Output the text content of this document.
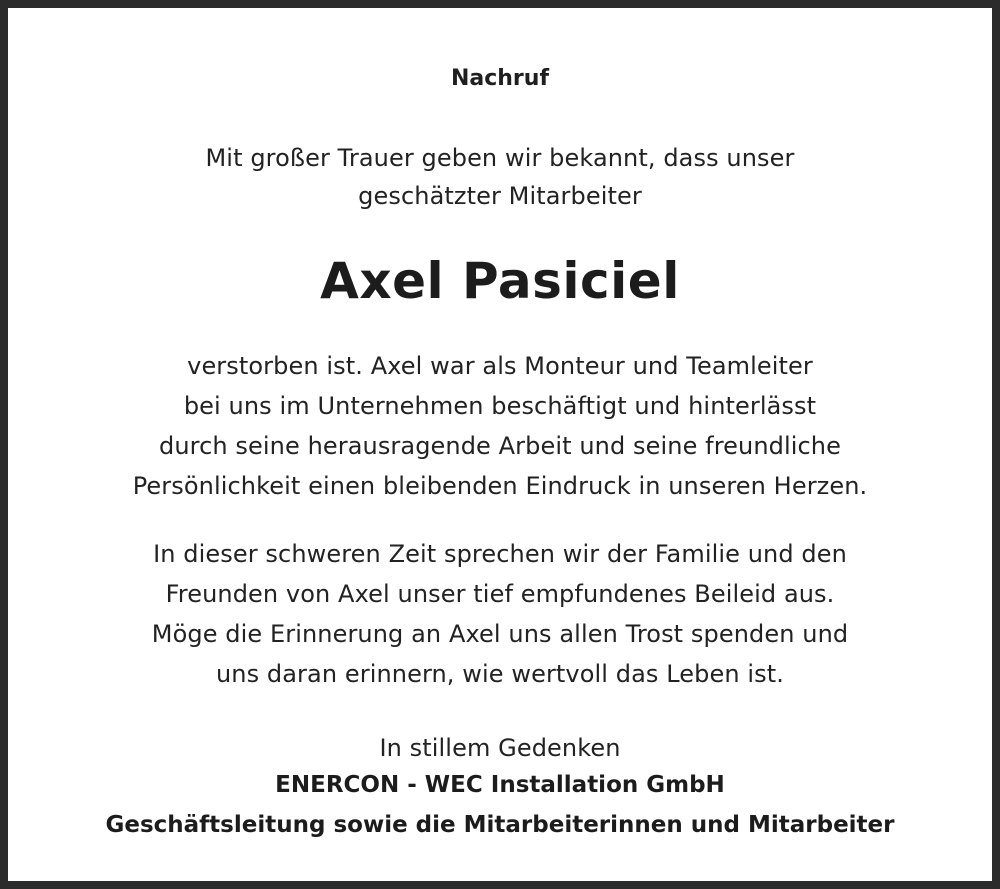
Nachruf
Mit großer Trauer geben wir bekannt, dass unser
geschätzter Mitarbeiter
Axel Pasiciel
verstorben ist. Axel war als Monteur und Teamleiter
bei uns im Unternehmen beschäftigt und hinterlässt
durch seine herausragende Arbeit und seine freundliche
Persönlichkeit einen bleibenden Eindruck in unseren Herzen.
In dieser schweren Zeit sprechen wir der Familie und den
Freunden von Axel unser tief empfundenes Beileid aus.
Möge die Erinnerung an Axel uns allen Trost spenden und
uns daran erinnern, wie wertvoll das Leben ist.
In stillem Gedenken
ENERCON - WEC Installation GmbH
Geschäftsleitung sowie die Mitarbeiterinnen und Mitarbeiter
